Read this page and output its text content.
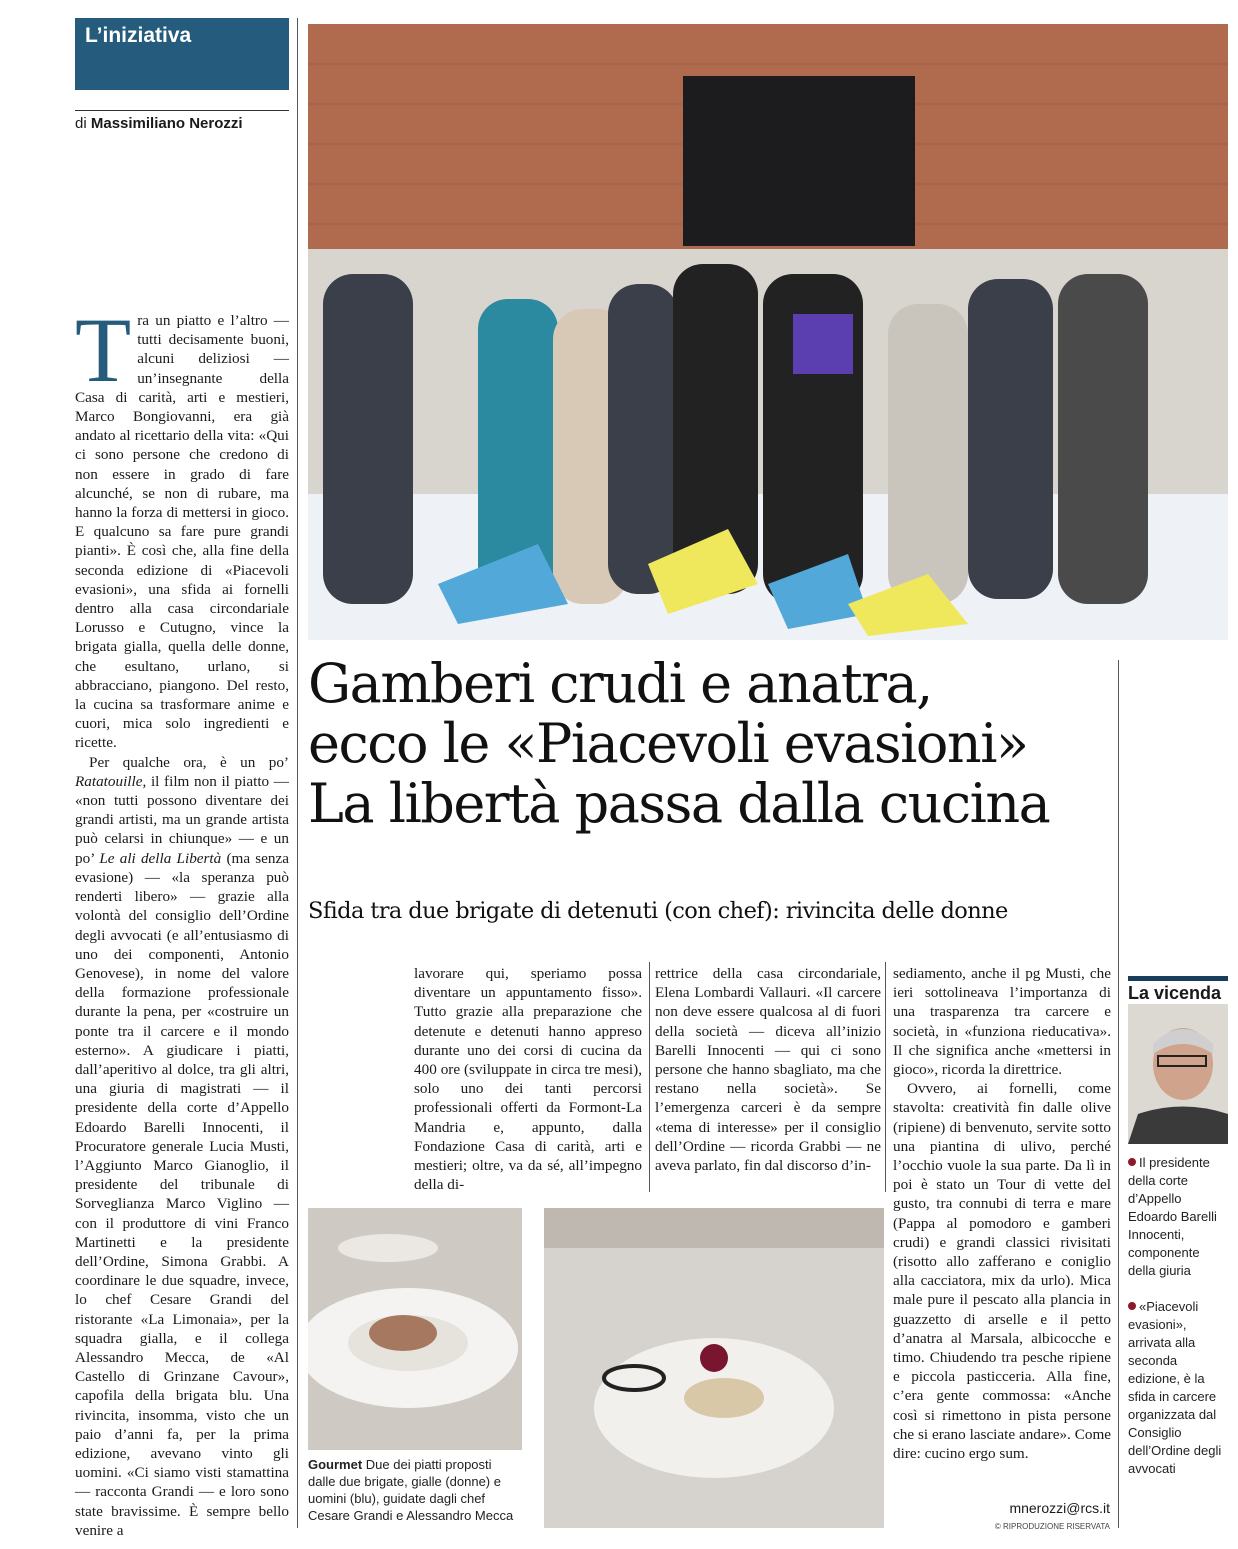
L’iniziativa
di Massimiliano Nerozzi

Tra un piatto e l’altro — tutti decisamente buoni, alcuni deliziosi — un’insegnante della Casa di carità, arti e mestieri, Marco Bongiovanni, era già andato al ricettario della vita: «Qui ci sono persone che credono di non essere in grado di fare alcunché, se non di rubare, ma hanno la forza di mettersi in gioco. E qualcuno sa fare pure grandi pianti». È così che, alla fine della seconda edizione di «Piacevoli evasioni», una sfida ai fornelli dentro alla casa circondariale Lorusso e Cutugno, vince la brigata gialla, quella delle donne, che esultano, urlano, si abbracciano, piangono. Del resto, la cucina sa trasformare anime e cuori, mica solo ingredienti e ricette.

Per qualche ora, è un po’ Ratatouille, il film non il piatto — «non tutti possono diventare dei grandi artisti, ma un grande artista può celarsi in chiunque» — e un po’ Le ali della Libertà (ma senza evasione) — «la speranza può renderti libero» — grazie alla volontà del consiglio dell’Ordine degli avvocati (e all’entusiasmo di uno dei componenti, Antonio Genovese), in nome del valore della formazione professionale durante la pena, per «costruire un ponte tra il carcere e il mondo esterno». A giudicare i piatti, dall’aperitivo al dolce, tra gli altri, una giuria di magistrati — il presidente della corte d’Appello Edoardo Barelli Innocenti, il Procuratore generale Lucia Musti, l’Aggiunto Marco Gianoglio, il presidente del tribunale di Sorveglianza Marco Viglino — con il produttore di vini Franco Martinetti e la presidente dell’Ordine, Simona Grabbi. A coordinare le due squadre, invece, lo chef Cesare Grandi del ristorante «La Limonaia», per la squadra gialla, e il collega Alessandro Mecca, de «Al Castello di Grinzane Cavour», capofila della brigata blu. Una rivincita, insomma, visto che un paio d’anni fa, per la prima edizione, avevano vinto gli uomini. «Ci siamo visti stamattina — racconta Grandi — e loro sono state bravissime. È sempre bello venire a

Gamberi crudi e anatra,
ecco le «Piacevoli evasioni»
La libertà passa dalla cucina
Sfida tra due brigate di detenuti (con chef): rivincita delle donne

lavorare qui, speriamo possa diventare un appuntamento fisso». Tutto grazie alla preparazione che detenute e detenuti hanno appreso durante uno dei corsi di cucina da 400 ore (sviluppate in circa tre mesi), solo uno dei tanti percorsi professionali offerti da Formont-La Mandria e, appunto, dalla Fondazione Casa di carità, arti e mestieri; oltre, va da sé, all’impegno della di-

rettrice della casa circondariale, Elena Lombardi Vallauri. «Il carcere non deve essere qualcosa al di fuori della società — diceva all’inizio Barelli Innocenti — qui ci sono persone che hanno sbagliato, ma che restano nella società». Se l’emergenza carceri è da sempre «tema di interesse» per il consiglio dell’Ordine — ricorda Grabbi — ne aveva parlato, fin dal discorso d’in-

sediamento, anche il pg Musti, che ieri sottolineava l’importanza di una trasparenza tra carcere e società, in «funziona rieducativa». Il che significa anche «mettersi in gioco», ricorda la direttrice.

Ovvero, ai fornelli, come stavolta: creatività fin dalle olive (ripiene) di benvenuto, servite sotto una piantina di ulivo, perché l’occhio vuole la sua parte. Da lì in poi è stato un Tour di vette del gusto, tra connubi di terra e mare (Pappa al pomodoro e gamberi crudi) e grandi classici rivisitati (risotto allo zafferano e coniglio alla cacciatora, mix da urlo). Mica male pure il pescato alla plancia in guazzetto di arselle e il petto d’anatra al Marsala, albicocche e timo. Chiudendo tra pesche ripiene e piccola pasticceria. Alla fine, c’era gente commossa: «Anche così si rimettono in pista persone che si erano lasciate andare». Come dire: cucino ergo sum.

mnerozzi@rcs.it
© RIPRODUZIONE RISERVATA
Gourmet Due dei piatti proposti dalle due brigate, gialle (donne) e uomini (blu), guidate dagli chef Cesare Grandi e Alessandro Mecca
La vicenda
Il presidente della corte d’Appello Edoardo Barelli Innocenti, componente della giuria
«Piacevoli evasioni», arrivata alla seconda edizione, è la sfida in carcere organizzata dal Consiglio dell’Ordine degli avvocati
